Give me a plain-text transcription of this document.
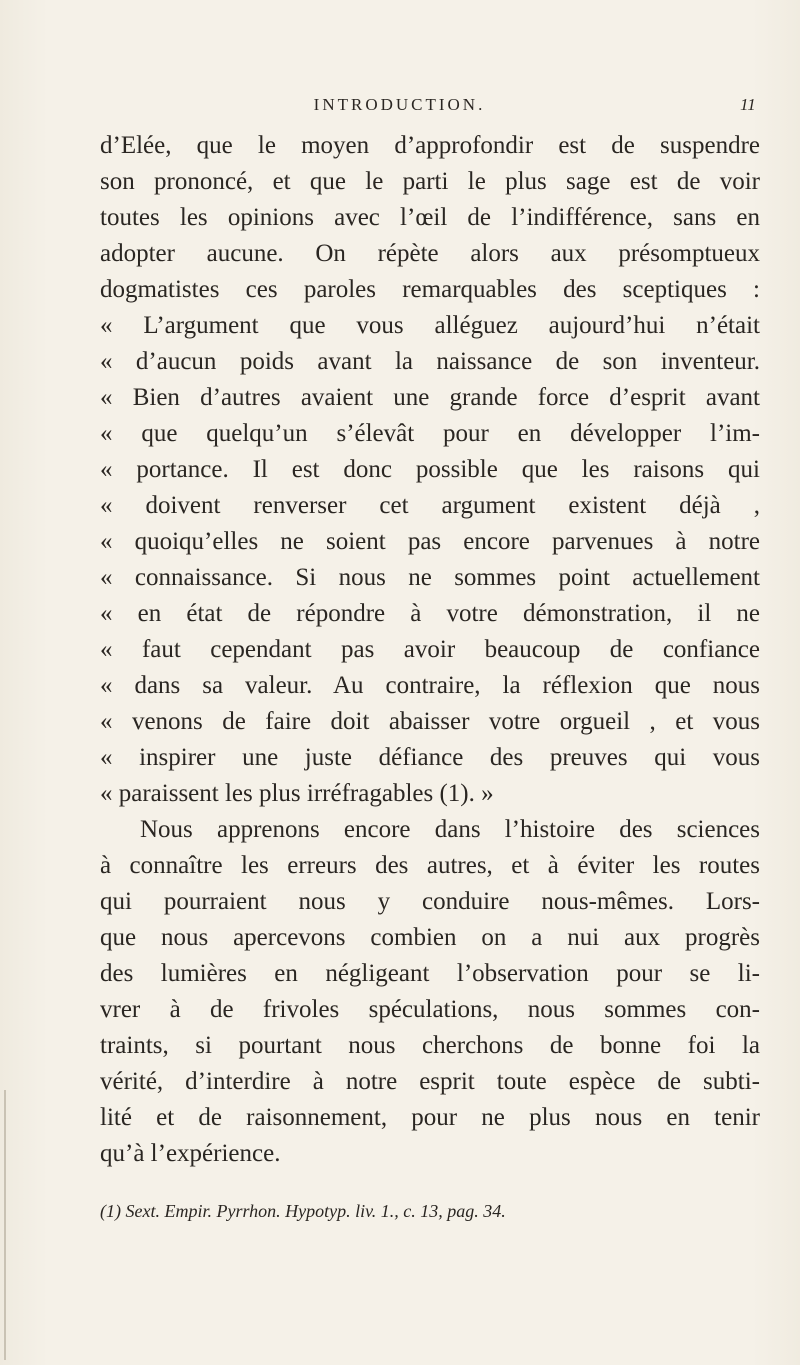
INTRODUCTION.	11
d’Elée, que le moyen d’approfondir est de suspendre
son prononcé, et que le parti le plus sage est de voir
toutes les opinions avec l’œil de l’indifférence, sans en
adopter aucune. On répète alors aux présomptueux
dogmatistes ces paroles remarquables des sceptiques :
« L’argument que vous alléguez aujourd’hui n’était
« d’aucun poids avant la naissance de son inventeur.
« Bien d’autres avaient une grande force d’esprit avant
« que quelqu’un s’élevât pour en développer l’im-
« portance. Il est donc possible que les raisons qui
« doivent renverser cet argument existent déjà ,
« quoiqu’elles ne soient pas encore parvenues à notre
« connaissance. Si nous ne sommes point actuellement
« en état de répondre à votre démonstration, il ne
« faut cependant pas avoir beaucoup de confiance
« dans sa valeur. Au contraire, la réflexion que nous
« venons de faire doit abaisser votre orgueil , et vous
« inspirer une juste défiance des preuves qui vous
« paraissent les plus irréfragables (1). »
Nous apprenons encore dans l’histoire des sciences
à connaître les erreurs des autres, et à éviter les routes
qui pourraient nous y conduire nous-mêmes. Lors-
que nous apercevons combien on a nui aux progrès
des lumières en négligeant l’observation pour se li-
vrer à de frivoles spéculations, nous sommes con-
traints, si pourtant nous cherchons de bonne foi la
vérité, d’interdire à notre esprit toute espèce de subti-
lité et de raisonnement, pour ne plus nous en tenir
qu’à l’expérience.
(1) Sext. Empir. Pyrrhon. Hypotyp. liv. 1., c. 13, pag. 34.
